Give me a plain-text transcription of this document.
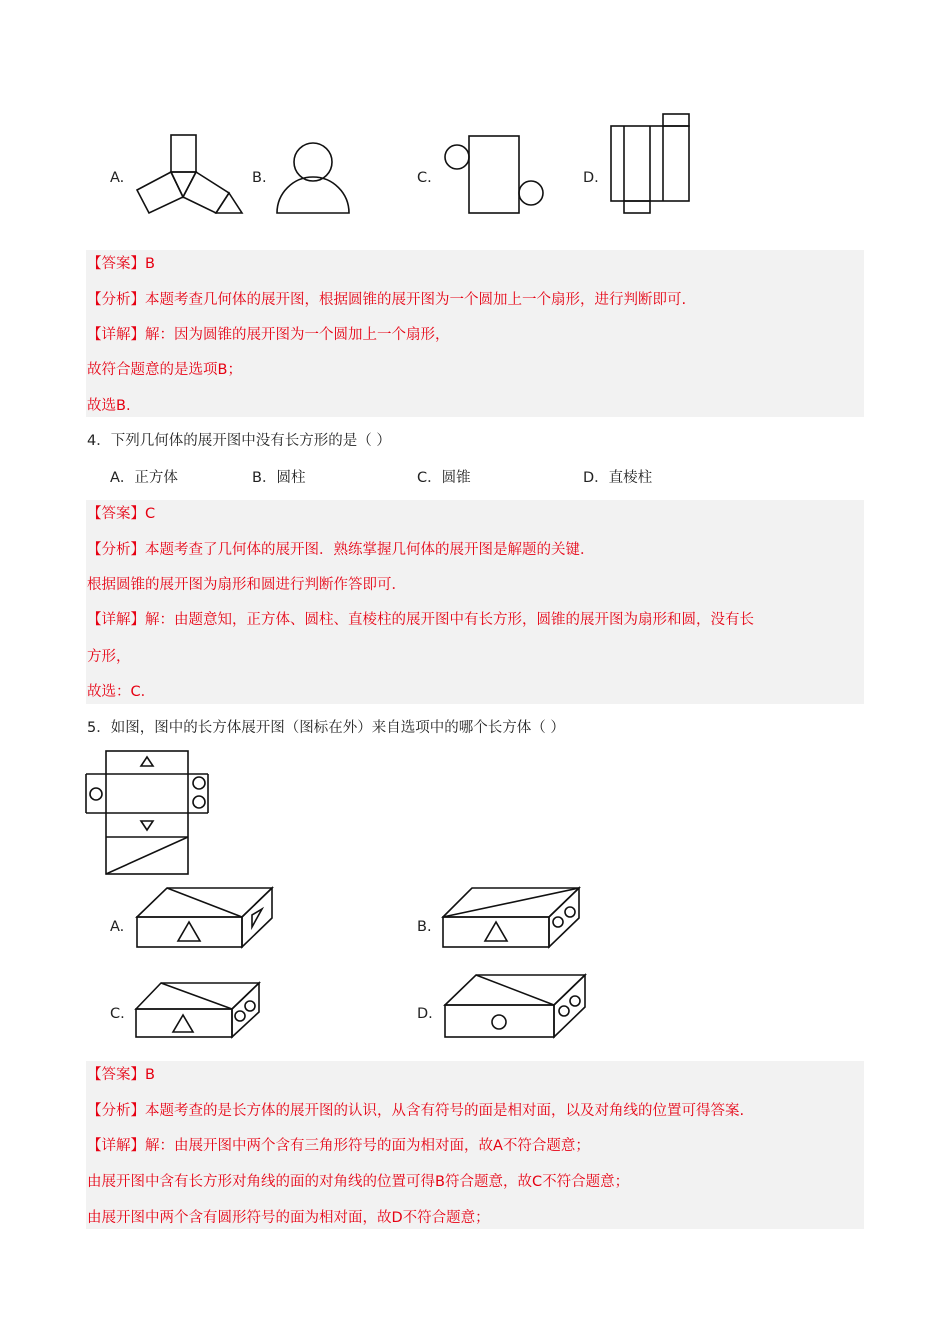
A.	B.	C.	D.
【答案】B
【分析】本题考查几何体的展开图，根据圆锥的展开图为一个圆加上一个扇形，进行判断即可.
【详解】解：因为圆锥的展开图为一个圆加上一个扇形，
故符合题意的是选项B；
故选B.
4．下列几何体的展开图中没有长方形的是（ ）
A．正方体	B．圆柱	C．圆锥	D．直棱柱
【答案】C
【分析】本题考查了几何体的展开图．熟练掌握几何体的展开图是解题的关键．
根据圆锥的展开图为扇形和圆进行判断作答即可．
【详解】解：由题意知，正方体、圆柱、直棱柱的展开图中有长方形，圆锥的展开图为扇形和圆，没有长
方形，
故选：C．
5．如图，图中的长方体展开图（图标在外）来自选项中的哪个长方体（ ）
A.	B.
C.	D.
【答案】B
【分析】本题考查的是长方体的展开图的认识，从含有符号的面是相对面，以及对角线的位置可得答案.
【详解】解：由展开图中两个含有三角形符号的面为相对面，故A不符合题意；
由展开图中含有长方形对角线的面的对角线的位置可得B符合题意，故C不符合题意；
由展开图中两个含有圆形符号的面为相对面，故D不符合题意；
